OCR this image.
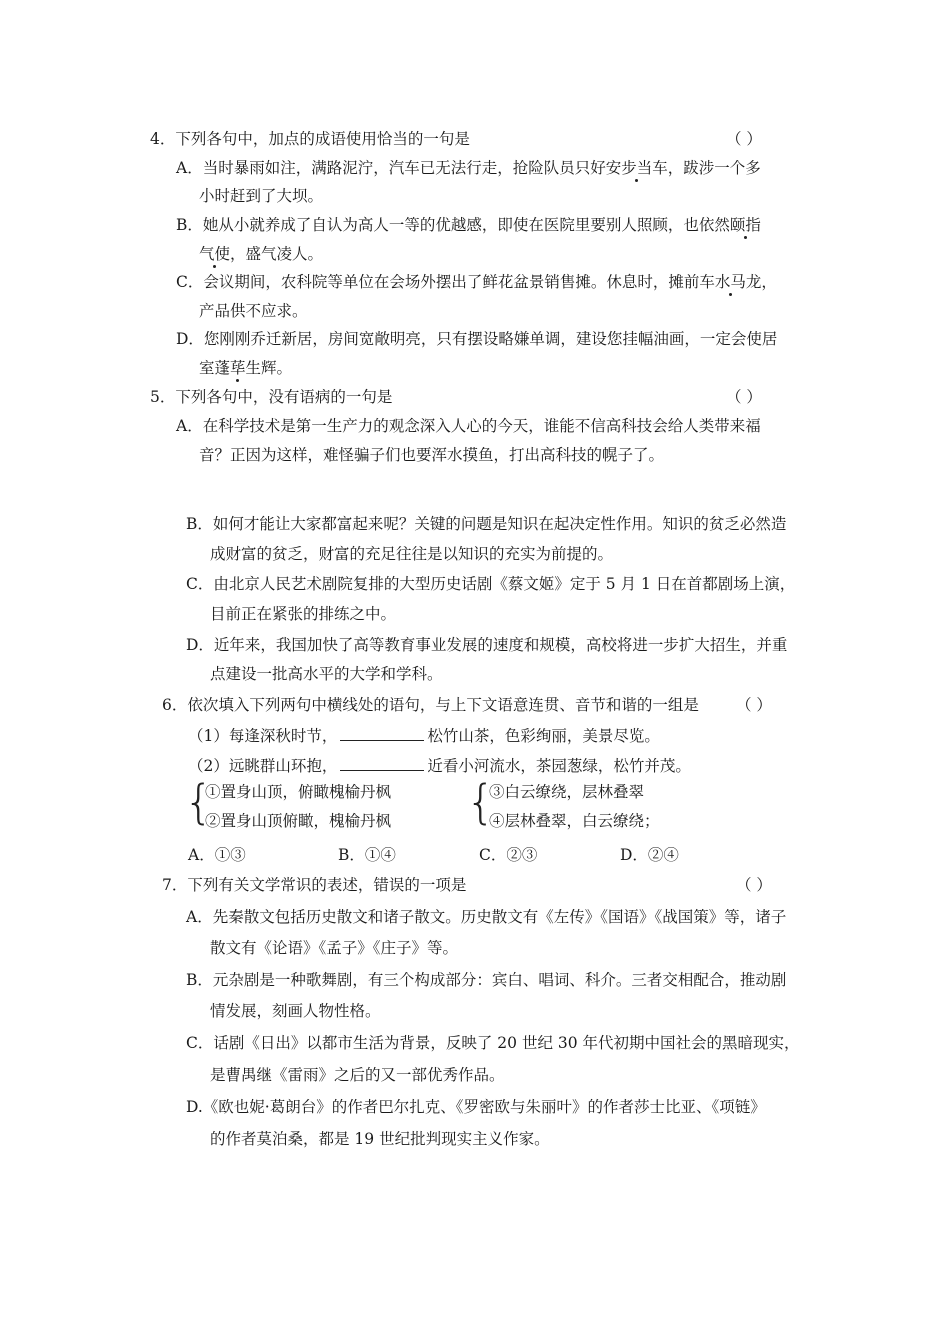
4．下列各句中，加点的成语使用恰当的一句是	（ ）
A．当时暴雨如注，满路泥泞，汽车已无法行走，抢险队员只好安步当车，跋涉一个多
小时赶到了大坝。
B．她从小就养成了自认为高人一等的优越感，即使在医院里要别人照顾，也依然颐指
气使，盛气凌人。
C．会议期间，农科院等单位在会场外摆出了鲜花盆景销售摊。休息时，摊前车水马龙，
产品供不应求。
D．您刚刚乔迁新居，房间宽敞明亮，只有摆设略嫌单调，建设您挂幅油画，一定会使居
室蓬荜生辉。
5．下列各句中，没有语病的一句是	（ ）
A．在科学技术是第一生产力的观念深入人心的今天，谁能不信高科技会给人类带来福
音？正因为这样，难怪骗子们也要浑水摸鱼，打出高科技的幌子了。
B．如何才能让大家都富起来呢？关键的问题是知识在起决定性作用。知识的贫乏必然造
成财富的贫乏，财富的充足往往是以知识的充实为前提的。
C．由北京人民艺术剧院复排的大型历史话剧《蔡文姬》定于 5 月 1 日在首都剧场上演，
目前正在紧张的排练之中。
D．近年来，我国加快了高等教育事业发展的速度和规模，高校将进一步扩大招生，并重
点建设一批高水平的大学和学科。
6．依次填入下列两句中横线处的语句，与上下文语意连贯、音节和谐的一组是 （ ）
（1）每逢深秋时节，	松竹山茶，色彩绚丽，美景尽览。
（2）远眺群山环抱，	近看小河流水，茶园葱绿，松竹并茂。
{
①置身山顶，俯瞰槐榆丹枫
②置身山顶俯瞰，槐榆丹枫 {
③白云缭绕，层林叠翠
④层林叠翠，白云缭绕；
A．①③	B．①④	C．②③	D．②④
7．下列有关文学常识的表述，错误的一项是	（ ）
A．先秦散文包括历史散文和诸子散文。历史散文有《左传》《国语》《战国策》等，诸子
散文有《论语》《孟子》《庄子》等。
B．元杂剧是一种歌舞剧，有三个构成部分：宾白、唱词、科介。三者交相配合，推动剧
情发展，刻画人物性格。
C．话剧《日出》以都市生活为背景，反映了 20 世纪 30 年代初期中国社会的黑暗现实，
是曹禺继《雷雨》之后的又一部优秀作品。
D.《欧也妮·葛朗台》的作者巴尔扎克、《罗密欧与朱丽叶》的作者莎士比亚、《项链》
的作者莫泊桑，都是 19 世纪批判现实主义作家。
